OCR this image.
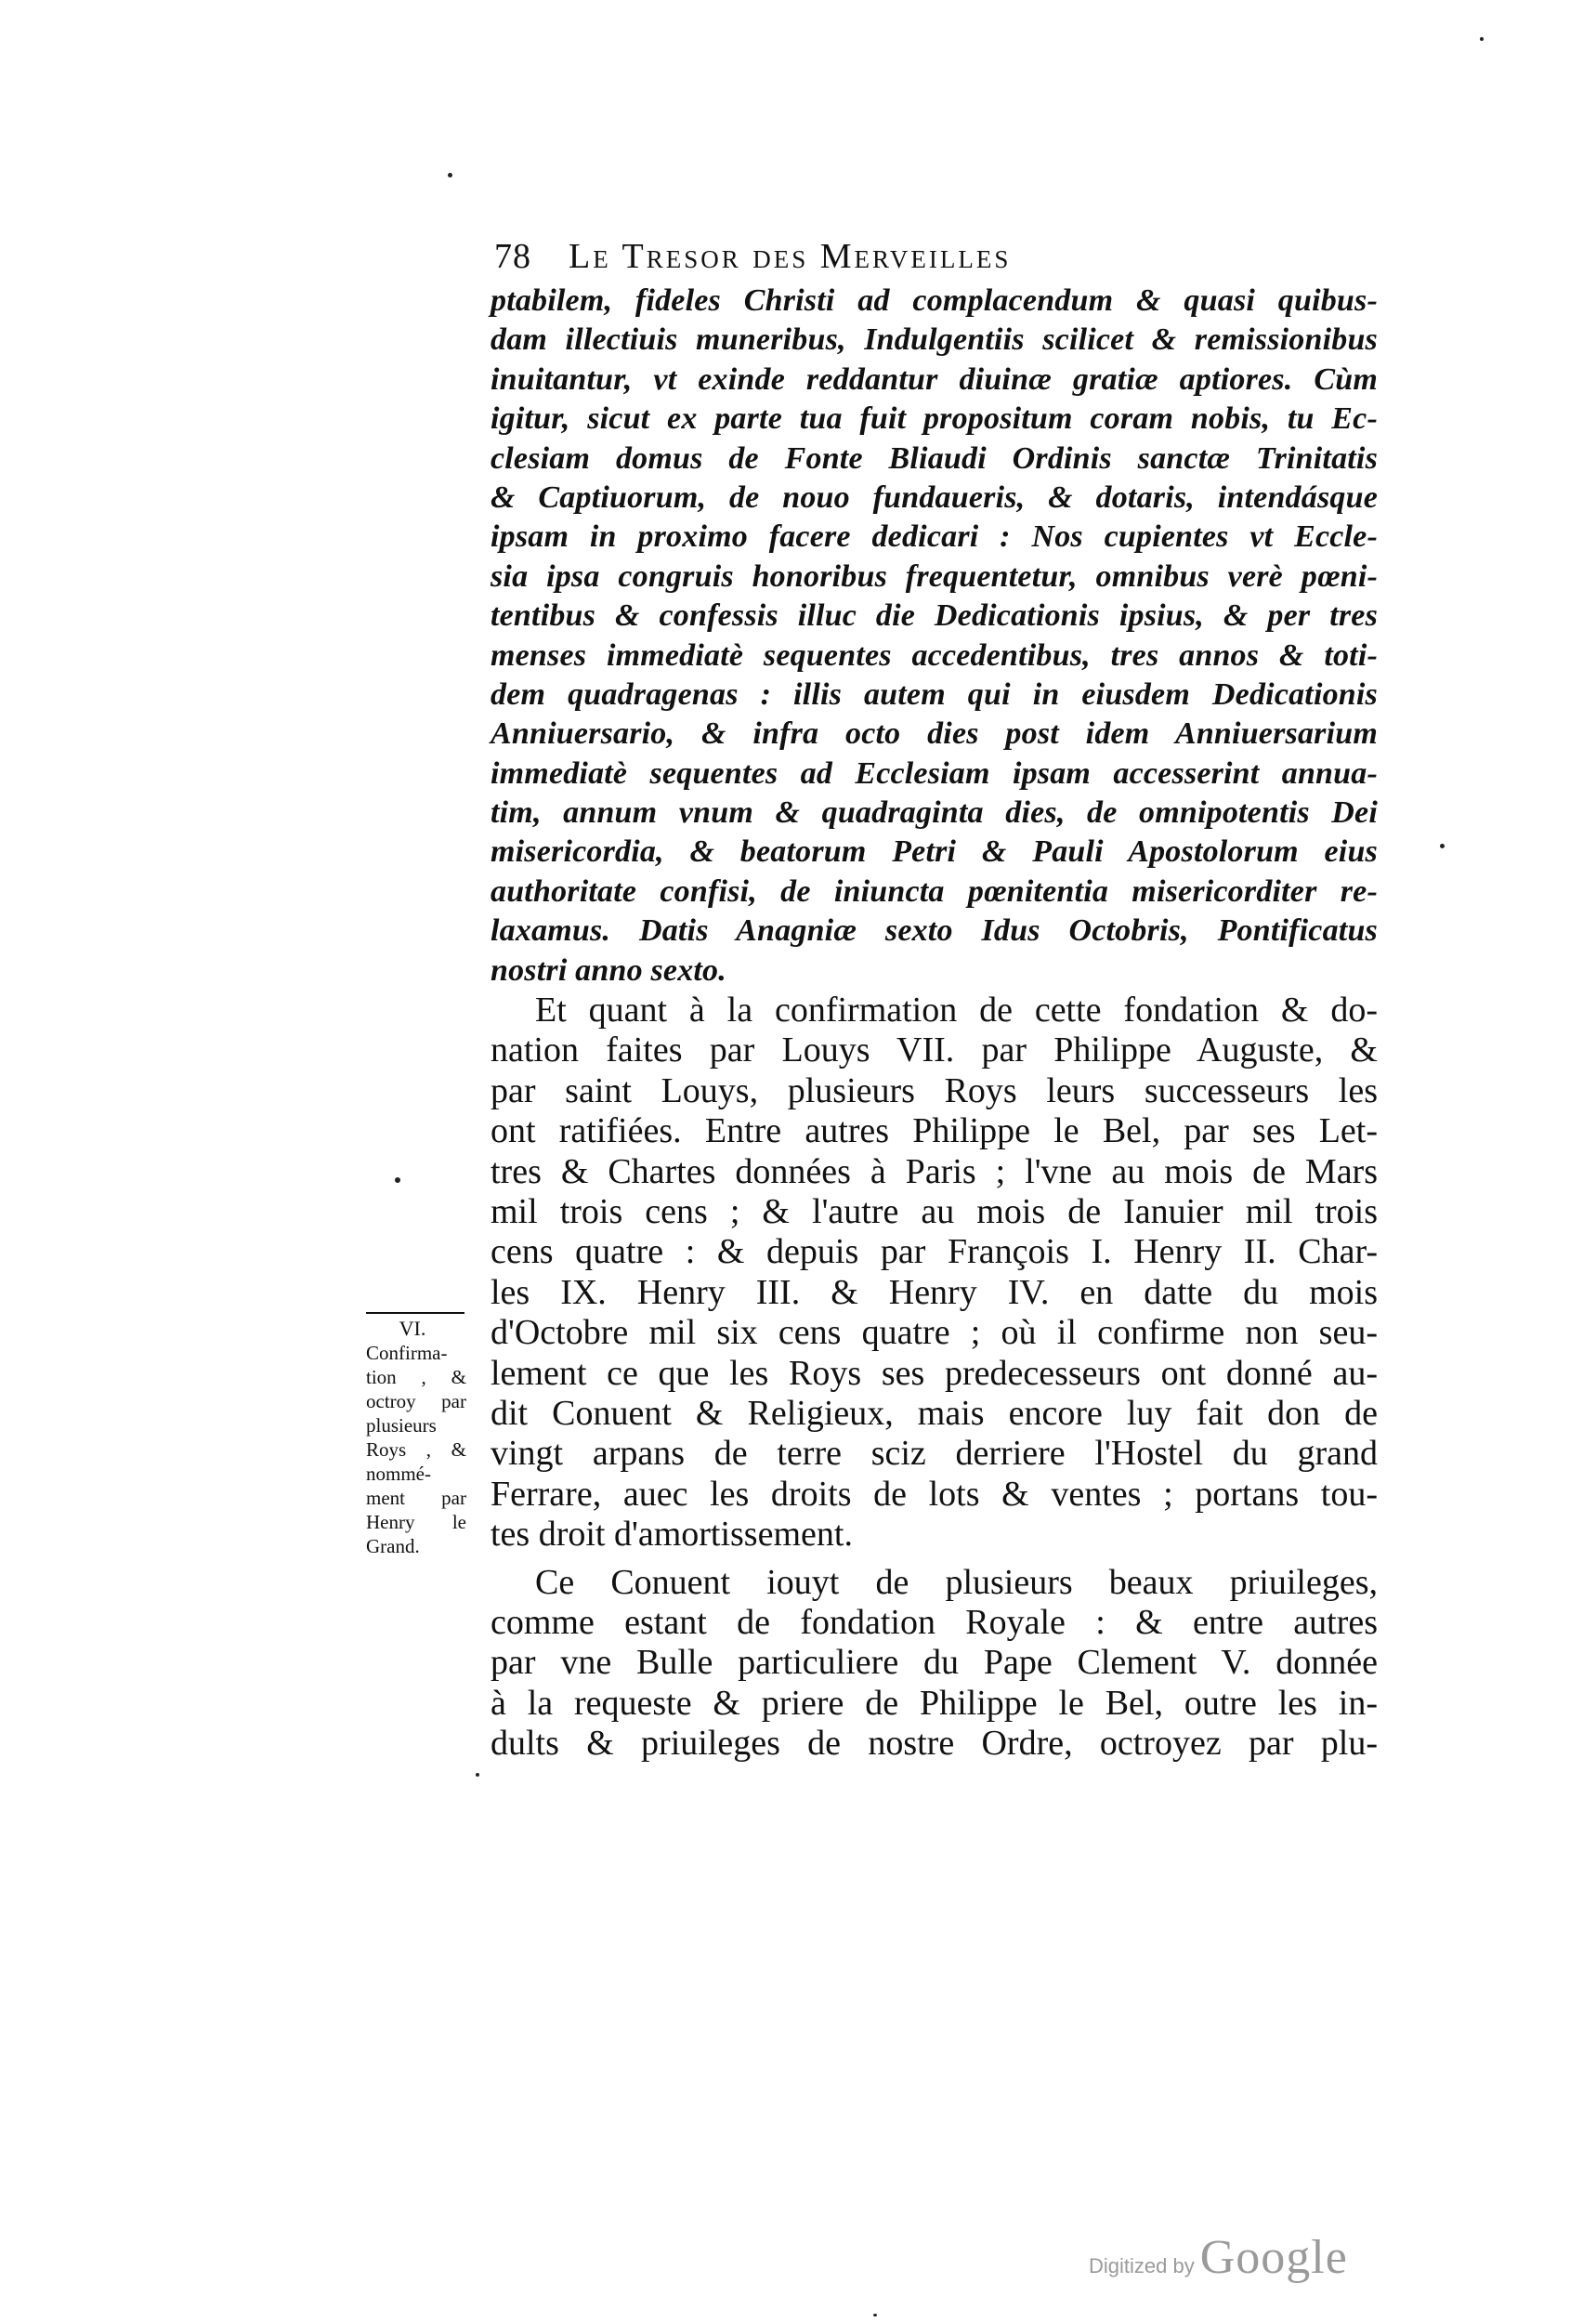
78 Le Tresor des Merveilles
ptabilem, fideles Christi ad complacendum & quasi quibus-
dam illectiuis muneribus, Indulgentiis scilicet & remissionibus
inuitantur, vt exinde reddantur diuinæ gratiæ aptiores. Cùm
igitur, sicut ex parte tua fuit propositum coram nobis, tu Ec-
clesiam domus de Fonte Bliaudi Ordinis sanctæ Trinitatis
& Captiuorum, de nouo fundaueris, & dotaris, intendásque
ipsam in proximo facere dedicari : Nos cupientes vt Eccle-
sia ipsa congruis honoribus frequentetur, omnibus verè pœni-
tentibus & confessis illuc die Dedicationis ipsius, & per tres
menses immediatè sequentes accedentibus, tres annos & toti-
dem quadragenas : illis autem qui in eiusdem Dedicationis
Anniuersario, & infra octo dies post idem Anniuersarium
immediatè sequentes ad Ecclesiam ipsam accesserint annua-
tim, annum vnum & quadraginta dies, de omnipotentis Dei
misericordia, & beatorum Petri & Pauli Apostolorum eius
authoritate confisi, de iniuncta pœnitentia misericorditer re-
laxamus. Datis Anagniæ sexto Idus Octobris, Pontificatus
nostri anno sexto.
Et quant à la confirmation de cette fondation & do-
nation faites par Louys VII. par Philippe Auguste, &
par saint Louys, plusieurs Roys leurs successeurs les
ont ratifiées. Entre autres Philippe le Bel, par ses Let-
tres & Chartes données à Paris ; l'vne au mois de Mars
mil trois cens ; & l'autre au mois de Ianuier mil trois
cens quatre : & depuis par François I. Henry II. Char-
les IX. Henry III. & Henry IV. en datte du mois
d'Octobre mil six cens quatre ; où il confirme non seu-
lement ce que les Roys ses predecesseurs ont donné au-
dit Conuent & Religieux, mais encore luy fait don de
vingt arpans de terre sciz derriere l'Hostel du grand
Ferrare, auec les droits de lots & ventes ; portans tou-
tes droit d'amortissement.
Ce Conuent iouyt de plusieurs beaux priuileges,
comme estant de fondation Royale : & entre autres
par vne Bulle particuliere du Pape Clement V. donnée
à la requeste & priere de Philippe le Bel, outre les in-
dults & priuileges de nostre Ordre, octroyez par plu-
VI.
Confirma-
tion , &
octroy par
plusieurs
Roys , &
nommé-
ment par
Henry le
Grand.
Digitized by Google
